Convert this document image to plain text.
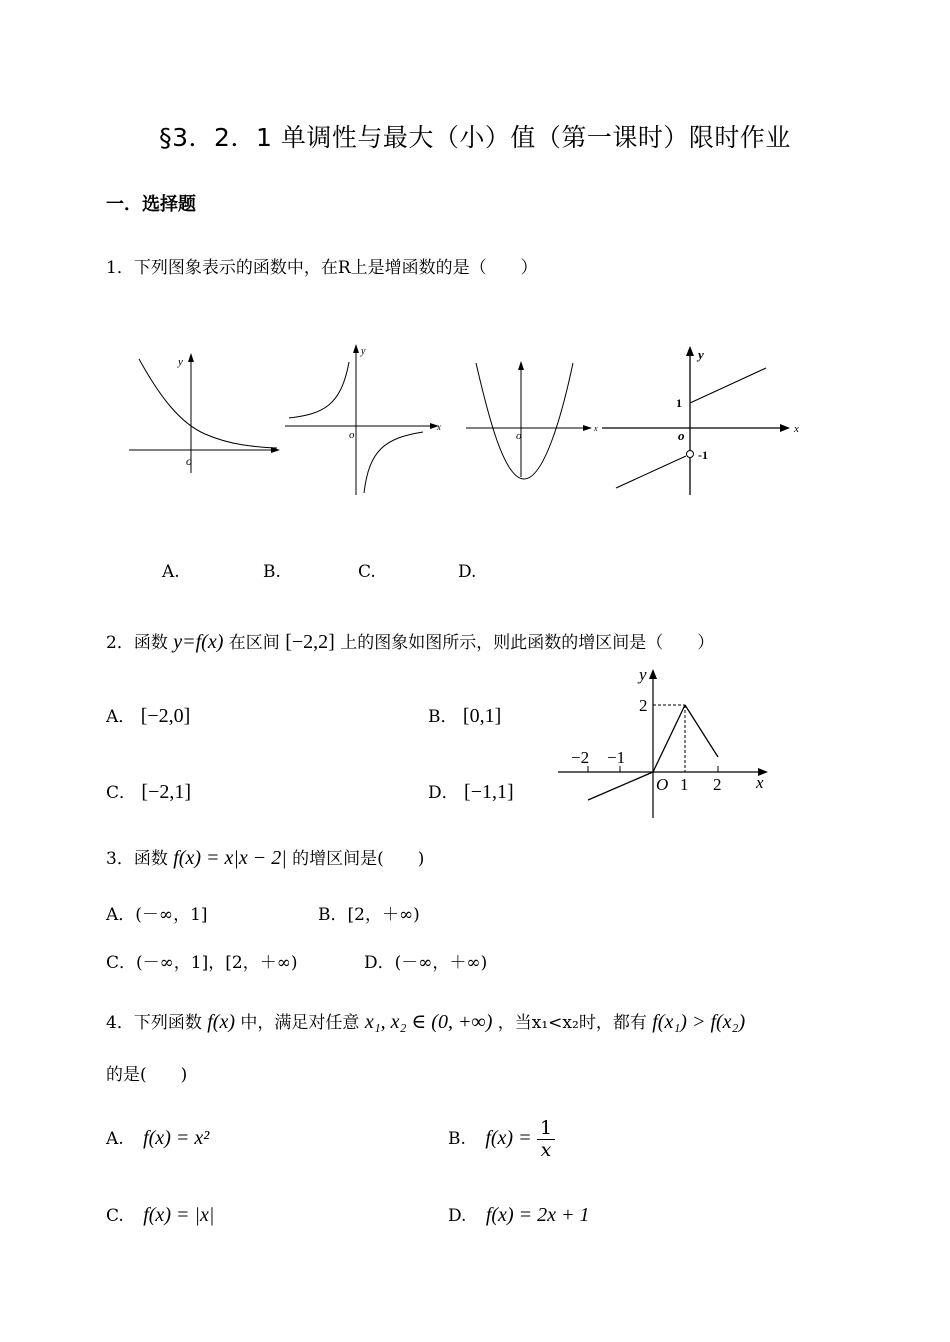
§3．2．1 单调性与最大（小）值（第一课时）限时作业
一．选择题
1．下列图象表示的函数中，在R上是增函数的是（　　）
y
o
y
x
o
x
o
y
x
1
o
-1
A.	B.	C.	D.
2．函数 y=f(x) 在区间 [−2,2] 上的图象如图所示，则此函数的增区间是（　　）
A． [−2,0]	B． [0,1]
C． [−2,1]	D． [−1,1]
y
x
2
−2 −1
O 1 2
3．函数 f(x) = x|x − 2| 的增区间是(　　)
A．(－∞，1]	B．[2，＋∞)
C．(－∞，1]，[2，＋∞)	D．(－∞，＋∞)
4．下列函数 f(x) 中，满足对任意 x₁, x₂ ∈ (0, +∞) ，当x₁<x₂时，都有 f(x₁) > f(x₂)
的是(　　)
A. f(x) = x²	B. $f(x) = \frac{1}{x}$
C. f(x) = |x|	D. f(x) = 2x + 1
